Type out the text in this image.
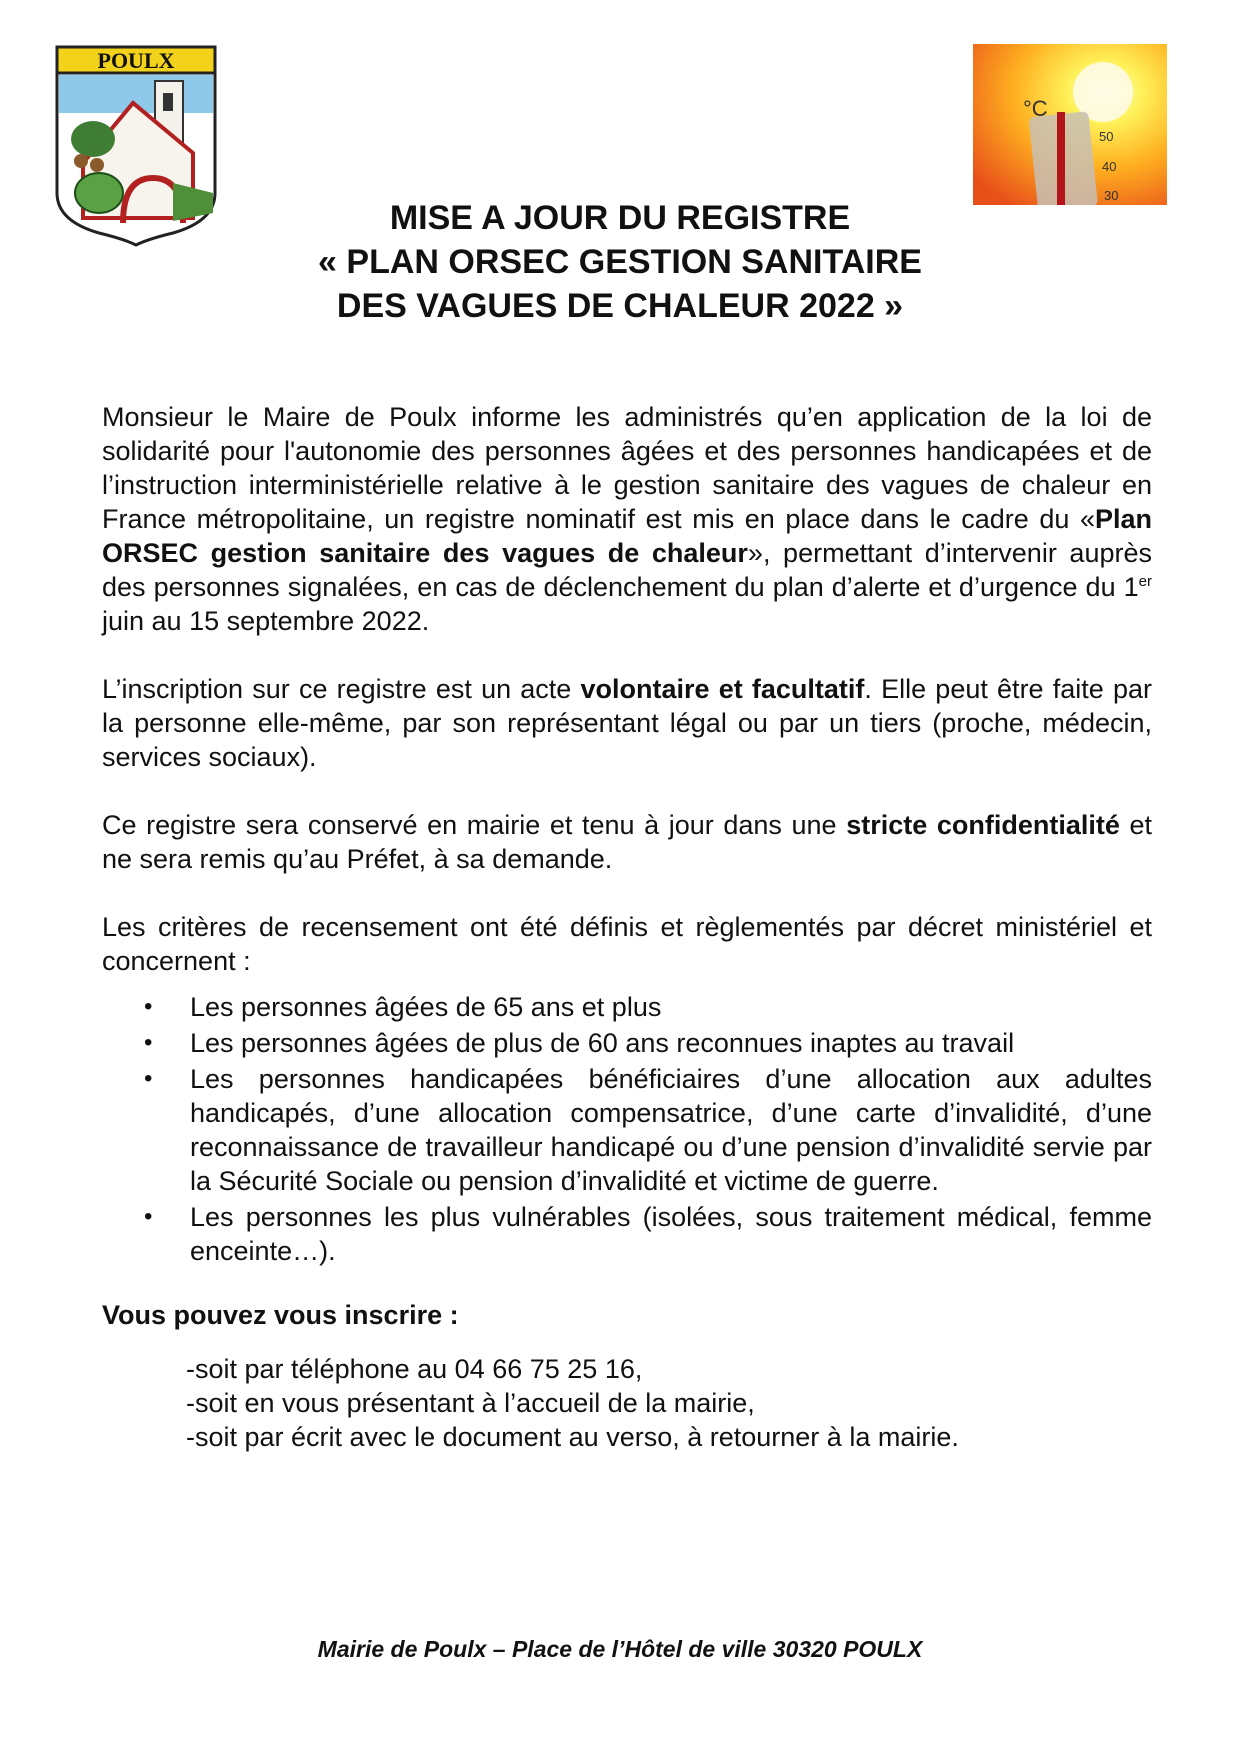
POULX
°C
50
40
30
MISE A JOUR DU REGISTRE
« PLAN ORSEC GESTION SANITAIRE
DES VAGUES DE CHALEUR 2022 »

Monsieur le Maire de Poulx informe les administrés qu’en application de la loi de solidarité pour l'autonomie des personnes âgées et des personnes handicapées et de l’instruction interministérielle relative à le gestion sanitaire des vagues de chaleur en France métropolitaine, un registre nominatif est mis en place dans le cadre du «Plan ORSEC gestion sanitaire des vagues de chaleur», permettant d’intervenir auprès des personnes signalées, en cas de déclenchement du plan d’alerte et d’urgence du 1er juin au 15 septembre 2022.

L’inscription sur ce registre est un acte volontaire et facultatif. Elle peut être faite par la personne elle-même, par son représentant légal ou par un tiers (proche, médecin, services sociaux).

Ce registre sera conservé en mairie et tenu à jour dans une stricte confidentialité et ne sera remis qu’au Préfet, à sa demande.

Les critères de recensement ont été définis et règlementés par décret ministériel et concernent :

• Les personnes âgées de 65 ans et plus
• Les personnes âgées de plus de 60 ans reconnues inaptes au travail
• Les personnes handicapées bénéficiaires d’une allocation aux adultes handicapés, d’une allocation compensatrice, d’une carte d’invalidité, d’une reconnaissance de travailleur handicapé ou d’une pension d’invalidité servie par la Sécurité Sociale ou pension d’invalidité et victime de guerre.
• Les personnes les plus vulnérables (isolées, sous traitement médical, femme enceinte…).
Vous pouvez vous inscrire :
-soit par téléphone au 04 66 75 25 16,
-soit en vous présentant à l’accueil de la mairie,
-soit par écrit avec le document au verso, à retourner à la mairie.
Mairie de Poulx – Place de l’Hôtel de ville 30320 POULX
